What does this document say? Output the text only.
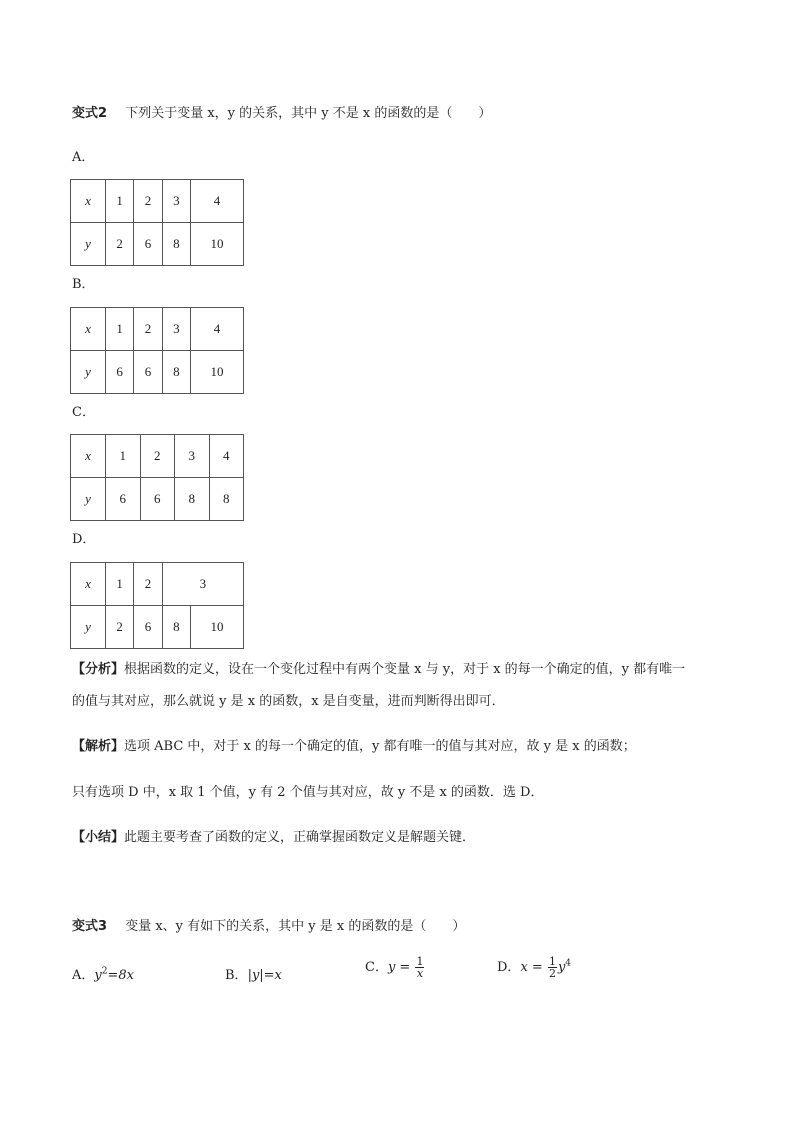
变式2 下列关于变量 x，y 的关系，其中 y 不是 x 的函数的是（　　）
A．
x	1	2	3	4
y	2	6	8	10
B．
x	1	2	3	4
y	6	6	8	10
C．
x	1	2	3	4
y	6	6	8	8
D．
x	1	2	3	
y	2	6	8	10
【分析】根据函数的定义，设在一个变化过程中有两个变量 x 与 y，对于 x 的每一个确定的值，y 都有唯一
的值与其对应，那么就说 y 是 x 的函数，x 是自变量，进而判断得出即可．
【解析】选项 ABC 中，对于 x 的每一个确定的值，y 都有唯一的值与其对应，故 y 是 x 的函数；
只有选项 D 中，x 取 1 个值，y 有 2 个值与其对应，故 y 不是 x 的函数．选 D．
【小结】此题主要考查了函数的定义，正确掌握函数定义是解题关键．
变式3 变量 x、y 有如下的关系，其中 y 是 x 的函数的是（　　）
A．$y^2=8x$	B．|y|=x
C．$y = \frac{1}{x}$	D．$x = \frac{1}{2} y^4$
